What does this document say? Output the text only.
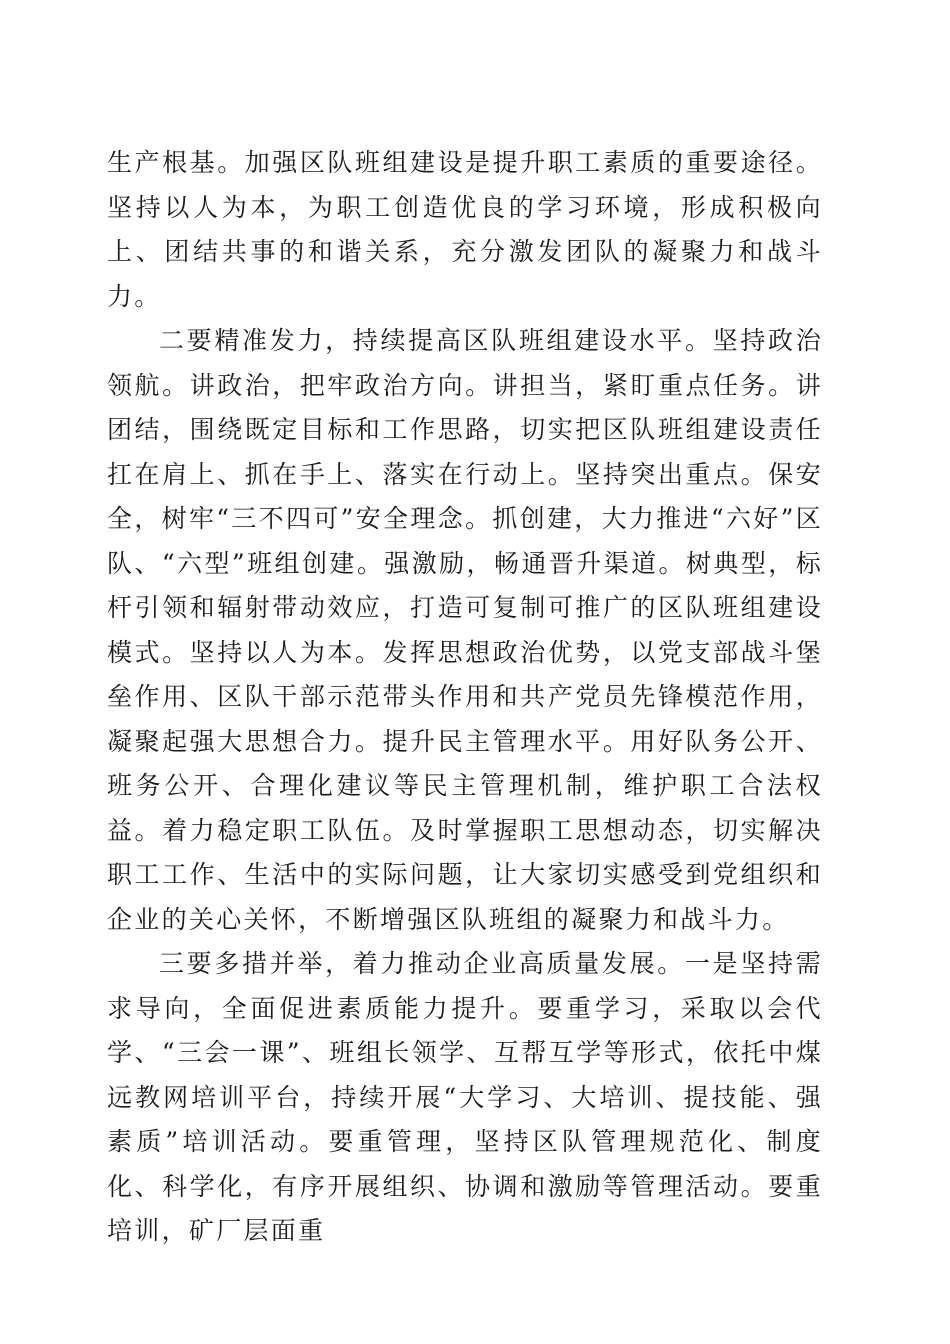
生产根基。加强区队班组建设是提升职工素质的重要途径。坚持以人为本，为职工创造优良的学习环境，形成积极向上、团结共事的和谐关系，充分激发团队的凝聚力和战斗力。

二要精准发力，持续提高区队班组建设水平。坚持政治领航。讲政治，把牢政治方向。讲担当，紧盯重点任务。讲团结，围绕既定目标和工作思路，切实把区队班组建设责任扛在肩上、抓在手上、落实在行动上。坚持突出重点。保安全，树牢“三不四可”安全理念。抓创建，大力推进“六好”区队、“六型”班组创建。强激励，畅通晋升渠道。树典型，标杆引领和辐射带动效应，打造可复制可推广的区队班组建设模式。坚持以人为本。发挥思想政治优势，以党支部战斗堡垒作用、区队干部示范带头作用和共产党员先锋模范作用，凝聚起强大思想合力。提升民主管理水平。用好队务公开、班务公开、合理化建议等民主管理机制，维护职工合法权益。着力稳定职工队伍。及时掌握职工思想动态，切实解决职工工作、生活中的实际问题，让大家切实感受到党组织和企业的关心关怀，不断增强区队班组的凝聚力和战斗力。

三要多措并举，着力推动企业高质量发展。一是坚持需求导向，全面促进素质能力提升。要重学习，采取以会代学、“三会一课”、班组长领学、互帮互学等形式，依托中煤远教网培训平台，持续开展“大学习、大培训、提技能、强素质”培训活动。要重管理，坚持区队管理规范化、制度化、科学化，有序开展组织、协调和激励等管理活动。要重培训，矿厂层面重
